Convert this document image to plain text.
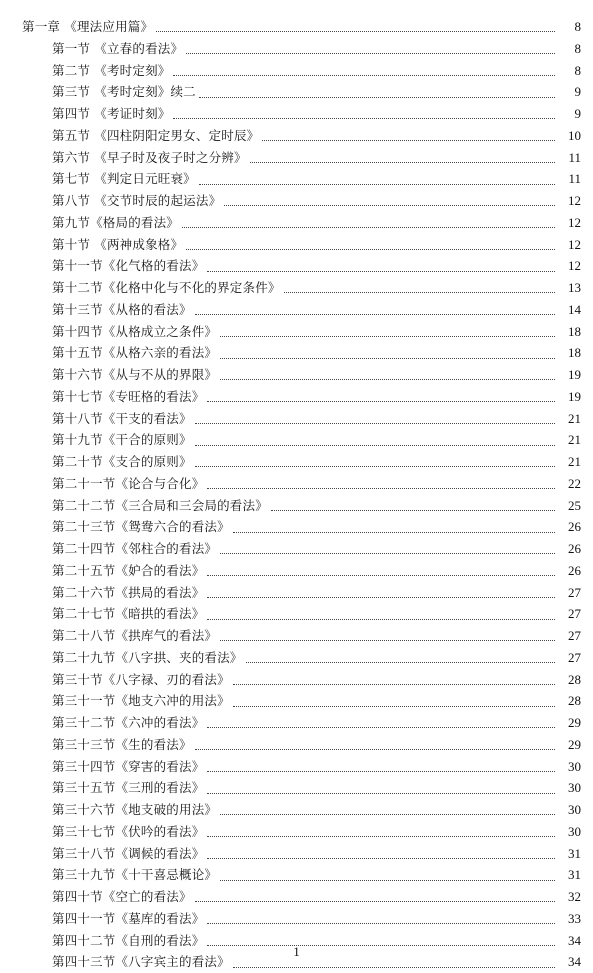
第一章 《理法应用篇》	8
第一节 《立春的看法》	8
第二节 《考时定刻》	8
第三节 《考时定刻》续二	9
第四节 《考证时刻》	9
第五节 《四柱阴阳定男女、定时辰》	10
第六节 《早子时及夜子时之分辨》	11
第七节 《判定日元旺衰》	11
第八节 《交节时辰的起运法》	12
第九节《格局的看法》	12
第十节 《两神成象格》	12
第十一节《化气格的看法》	12
第十二节《化格中化与不化的界定条件》	13
第十三节《从格的看法》	14
第十四节《从格成立之条件》	18
第十五节《从格六亲的看法》	18
第十六节《从与不从的界限》	19
第十七节《专旺格的看法》	19
第十八节《干支的看法》	21
第十九节《干合的原则》	21
第二十节《支合的原则》	21
第二十一节《论合与合化》	22
第二十二节《三合局和三会局的看法》	25
第二十三节《鸳鸯六合的看法》	26
第二十四节《邻柱合的看法》	26
第二十五节《妒合的看法》	26
第二十六节《拱局的看法》	27
第二十七节《暗拱的看法》	27
第二十八节《拱库气的看法》	27
第二十九节《八字拱、夹的看法》	27
第三十节《八字禄、刃的看法》	28
第三十一节《地支六冲的用法》	28
第三十二节《六冲的看法》	29
第三十三节《生的看法》	29
第三十四节《穿害的看法》	30
第三十五节《三刑的看法》	30
第三十六节《地支破的用法》	30
第三十七节《伏吟的看法》	30
第三十八节《调候的看法》	31
第三十九节《十干喜忌概论》	31
第四十节《空亡的看法》	32
第四十一节《墓库的看法》	33
第四十二节《自刑的看法》	34
第四十三节《八字宾主的看法》	34
1
